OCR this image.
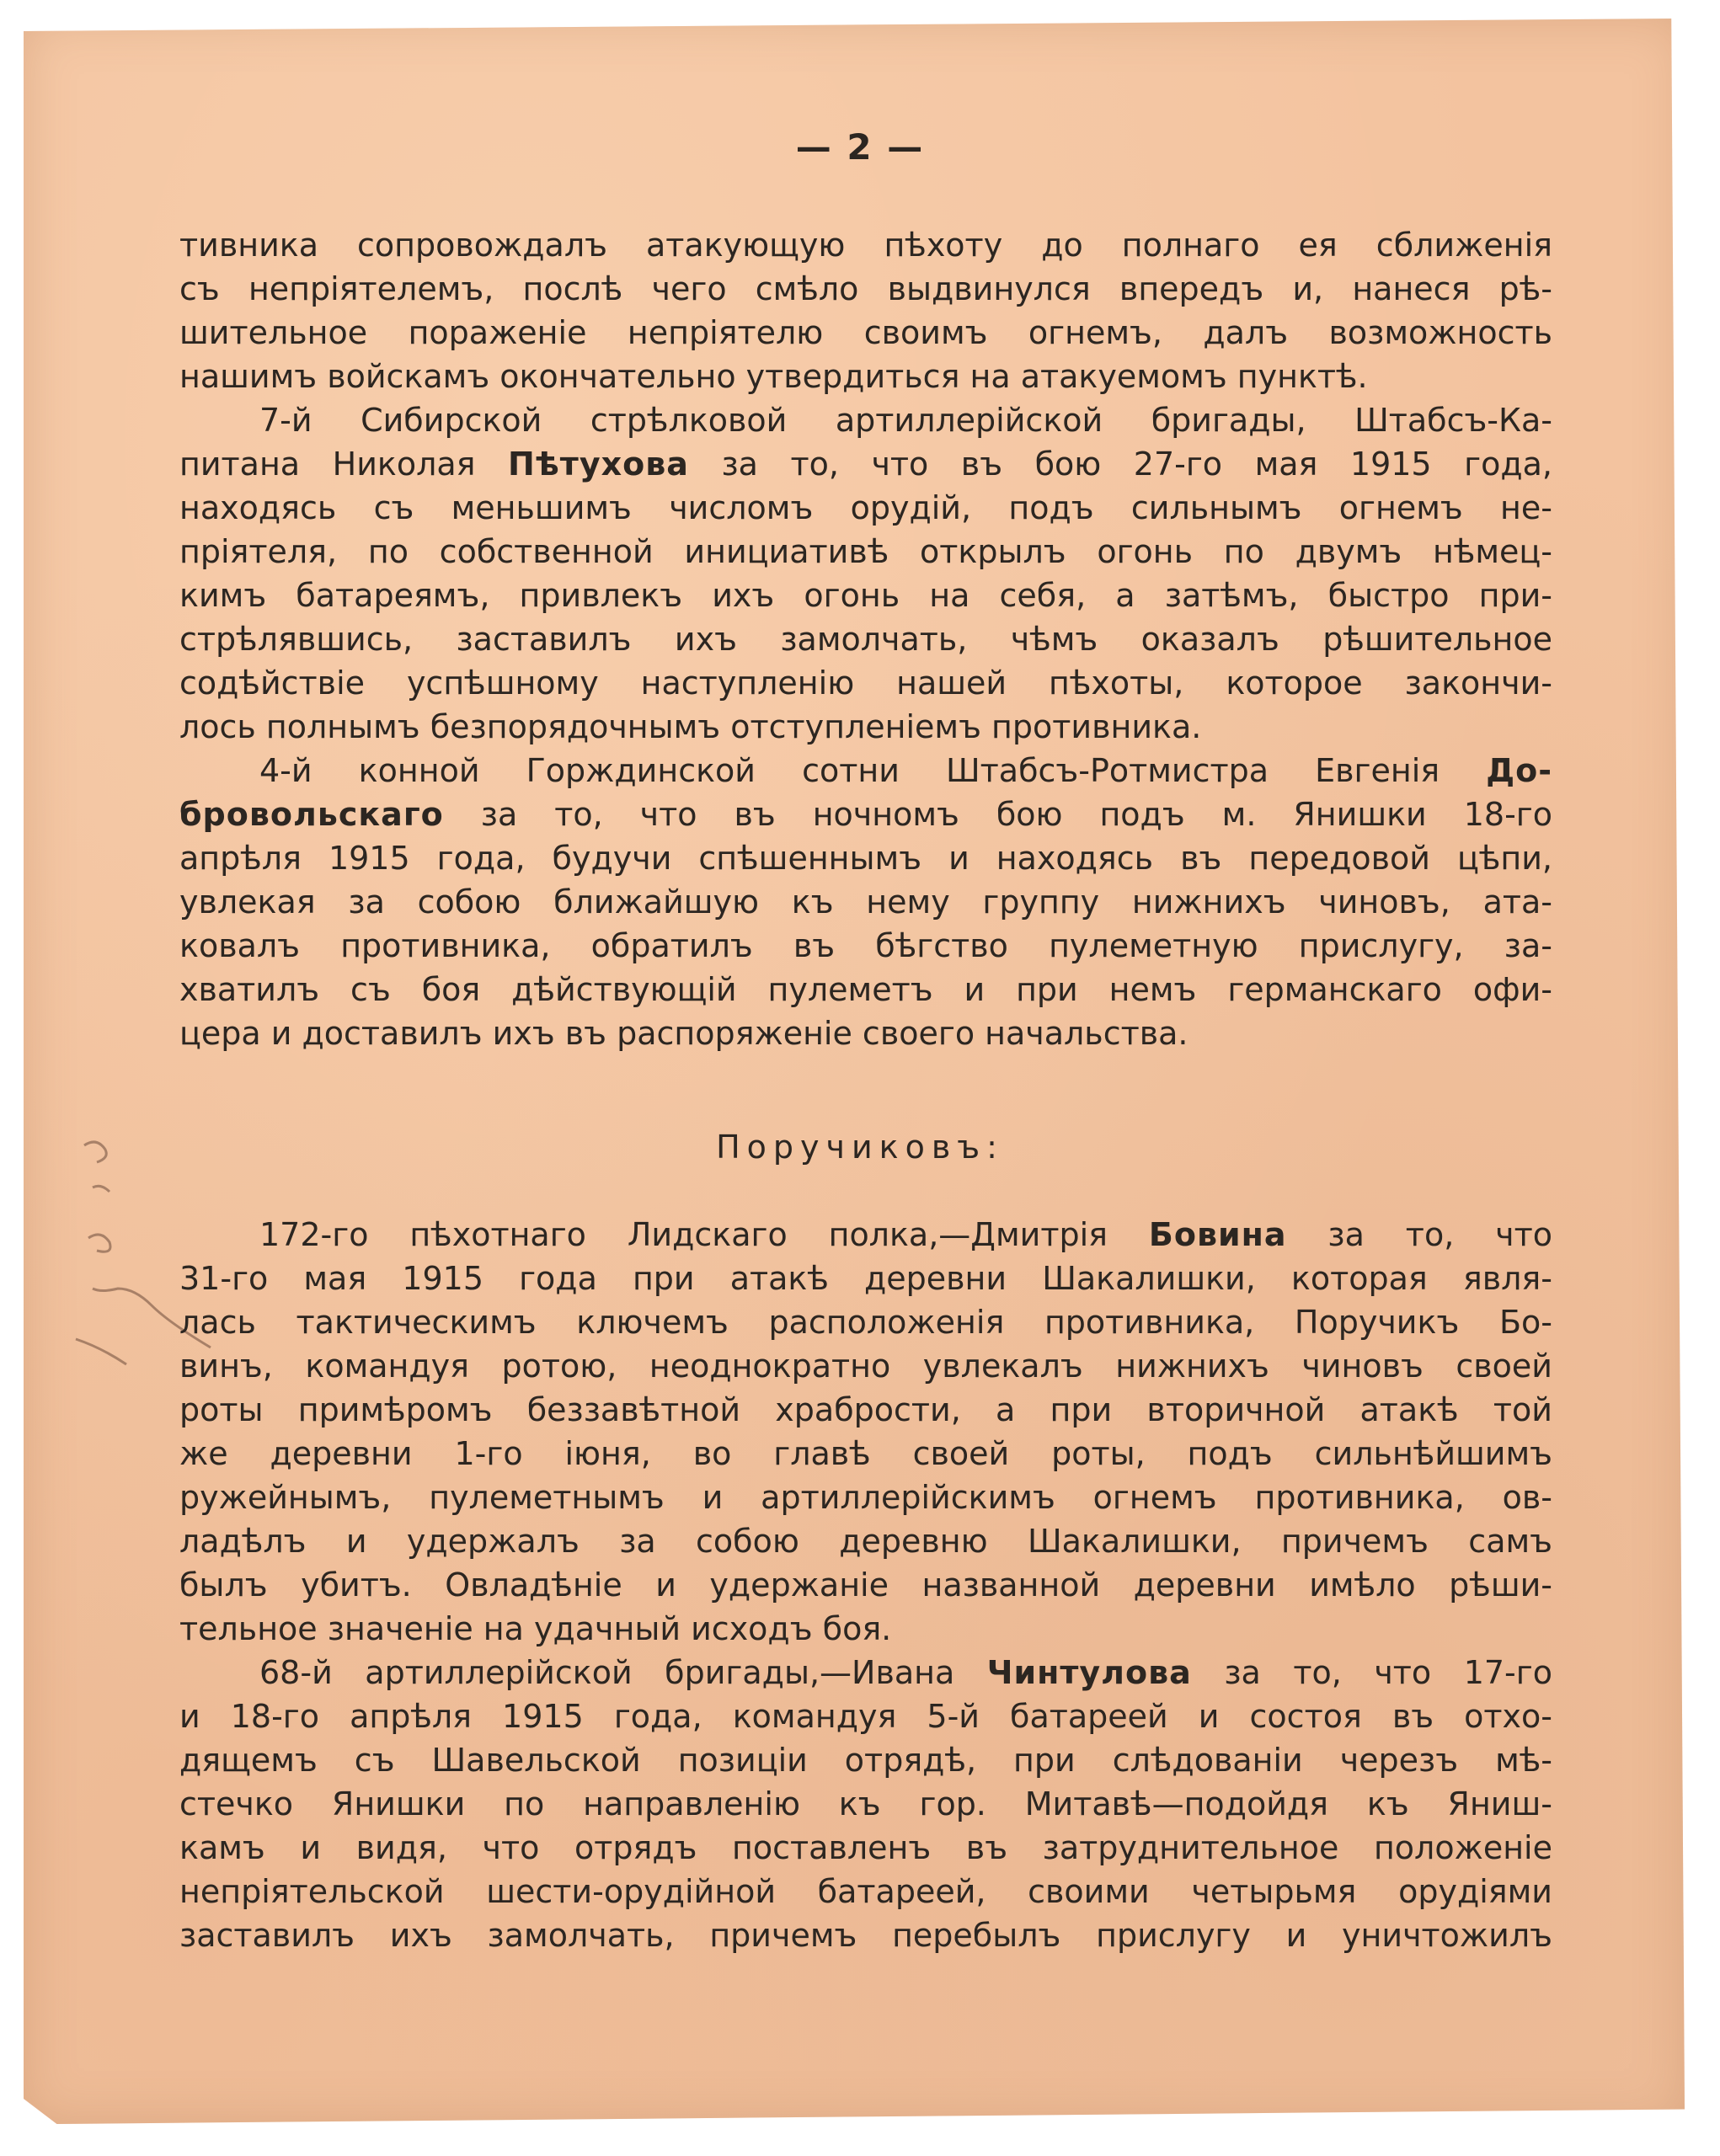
— 2 —
тивника сопровождалъ атакующую пѣхоту до полнаго ея сближенія
съ непріятелемъ, послѣ чего смѣло выдвинулся впередъ и, нанеся рѣ-
шительное пораженіе непріятелю своимъ огнемъ, далъ возможность
нашимъ войскамъ окончательно утвердиться на атакуемомъ пунктѣ.
7-й Сибирской стрѣлковой артиллерійской бригады, Штабсъ-Ка-
питана Николая Пѣтухова за то, что въ бою 27-го мая 1915 года,
находясь съ меньшимъ числомъ орудій, подъ сильнымъ огнемъ не-
пріятеля, по собственной инициативѣ открылъ огонь по двумъ нѣмец-
кимъ батареямъ, привлекъ ихъ огонь на себя, а затѣмъ, быстро при-
стрѣлявшись, заставилъ ихъ замолчать, чѣмъ оказалъ рѣшительное
содѣйствіе успѣшному наступленію нашей пѣхоты, которое закончи-
лось полнымъ безпорядочнымъ отступленіемъ противника.
4-й конной Горждинской сотни Штабсъ-Ротмистра Евгенія До-
бровольскаго за то, что въ ночномъ бою подъ м. Янишки 18-го
апрѣля 1915 года, будучи спѣшеннымъ и находясь въ передовой цѣпи,
увлекая за собою ближайшую къ нему группу нижнихъ чиновъ, ата-
ковалъ противника, обратилъ въ бѣгство пулеметную прислугу, за-
хватилъ съ боя дѣйствующій пулеметъ и при немъ германскаго офи-
цера и доставилъ ихъ въ распоряженіе своего начальства.
Поручиковъ:
172-го пѣхотнаго Лидскаго полка,—Дмитрія Бовина за то, что
31-го мая 1915 года при атакѣ деревни Шакалишки, которая явля-
лась тактическимъ ключемъ расположенія противника, Поручикъ Бо-
винъ, командуя ротою, неоднократно увлекалъ нижнихъ чиновъ своей
роты примѣромъ беззавѣтной храбрости, а при вторичной атакѣ той
же деревни 1-го іюня, во главѣ своей роты, подъ сильнѣйшимъ
ружейнымъ, пулеметнымъ и артиллерійскимъ огнемъ противника, ов-
ладѣлъ и удержалъ за собою деревню Шакалишки, причемъ самъ
былъ убитъ. Овладѣніе и удержаніе названной деревни имѣло рѣши-
тельное значеніе на удачный исходъ боя.
68-й артиллерійской бригады,—Ивана Чинтулова за то, что 17-го
и 18-го апрѣля 1915 года, командуя 5-й батареей и состоя въ отхо-
дящемъ съ Шавельской позиціи отрядѣ, при слѣдованіи черезъ мѣ-
стечко Янишки по направленію къ гор. Митавѣ—подойдя къ Яниш-
камъ и видя, что отрядъ поставленъ въ затруднительное положеніе
непріятельской шести-орудійной батареей, своими четырьмя орудіями
заставилъ ихъ замолчать, причемъ перебылъ прислугу и уничтожилъ
